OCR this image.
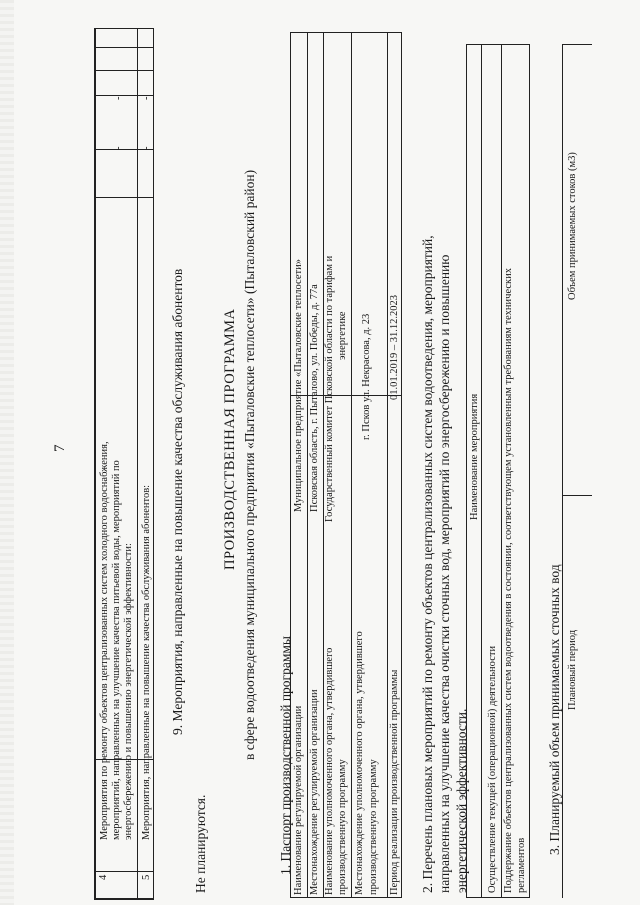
7
4
Мероприятия по ремонту объектов централизованных систем холодного водоснабжения, мероприятий, направленных на улучшение качества питьевой воды, мероприятий по энергосбережению и повышению энергетической эффективности:
-
-
5
Мероприятия, направленные на повышение качества обслуживания абонентов:
-
-
9. Мероприятия, направленные на повышение качества обслуживания абонентов
Не планируются.
ПРОИЗВОДСТВЕННАЯ ПРОГРАММА в сфере водоотведения муниципального предприятия «Пыталовские теплосети» (Пыталовский район) 1. Паспорт производственной программы Наименование регулируемой организации
Муниципальное предприятие «Пыталовские теплосети»
Местонахождение регулируемой организации
Псковская область, г. Пыталово, ул. Победы, д. 77а
Наименование уполномоченного органа, утвердившего производственную программу
Государственный комитет Псковской области по тарифам и энергетике
Местонахождение уполномоченного органа, утвердившего производственную программу
г. Псков ул. Некрасова, д. 23
Период реализации производственной программы
01.01.2019 – 31.12.2023 2. Перечень плановых мероприятий по ремонту объектов централизованных систем водоотведения, мероприятий, направленных на улучшение качества очистки сточных вод, мероприятий по энергосбережению и повышению энергетической эффективности.
Наименование мероприятия
Осуществление текущей (операционной) деятельности Поддержание объектов централизованных систем водоотведения в состоянии, соответствующем установленным требованиям технических регламентов
3. Планируемый объем принимаемых сточных вод Плановый период
Объем принимаемых стоков (м3)
